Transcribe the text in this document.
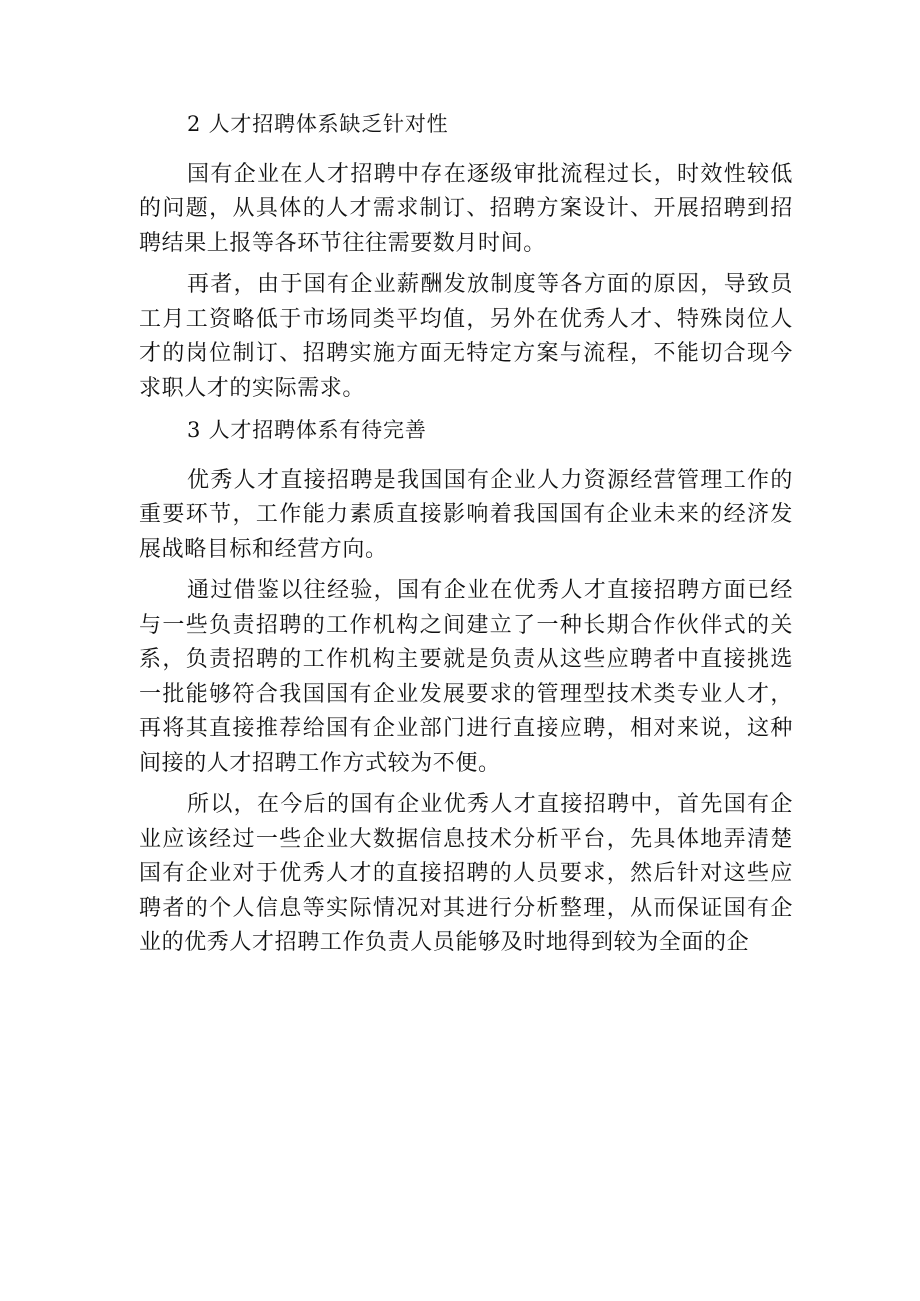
2 人才招聘体系缺乏针对性

国有企业在人才招聘中存在逐级审批流程过长，时效性较低的问题，从具体的人才需求制订、招聘方案设计、开展招聘到招聘结果上报等各环节往往需要数月时间。

再者，由于国有企业薪酬发放制度等各方面的原因，导致员工月工资略低于市场同类平均值，另外在优秀人才、特殊岗位人才的岗位制订、招聘实施方面无特定方案与流程，不能切合现今求职人才的实际需求。

3 人才招聘体系有待完善

优秀人才直接招聘是我国国有企业人力资源经营管理工作的重要环节，工作能力素质直接影响着我国国有企业未来的经济发展战略目标和经营方向。

通过借鉴以往经验，国有企业在优秀人才直接招聘方面已经与一些负责招聘的工作机构之间建立了一种长期合作伙伴式的关系，负责招聘的工作机构主要就是负责从这些应聘者中直接挑选一批能够符合我国国有企业发展要求的管理型技术类专业人才，再将其直接推荐给国有企业部门进行直接应聘，相对来说，这种间接的人才招聘工作方式较为不便。

所以，在今后的国有企业优秀人才直接招聘中，首先国有企业应该经过一些企业大数据信息技术分析平台，先具体地弄清楚国有企业对于优秀人才的直接招聘的人员要求，然后针对这些应聘者的个人信息等实际情况对其进行分析整理，从而保证国有企业的优秀人才招聘工作负责人员能够及时地得到较为全面的企
